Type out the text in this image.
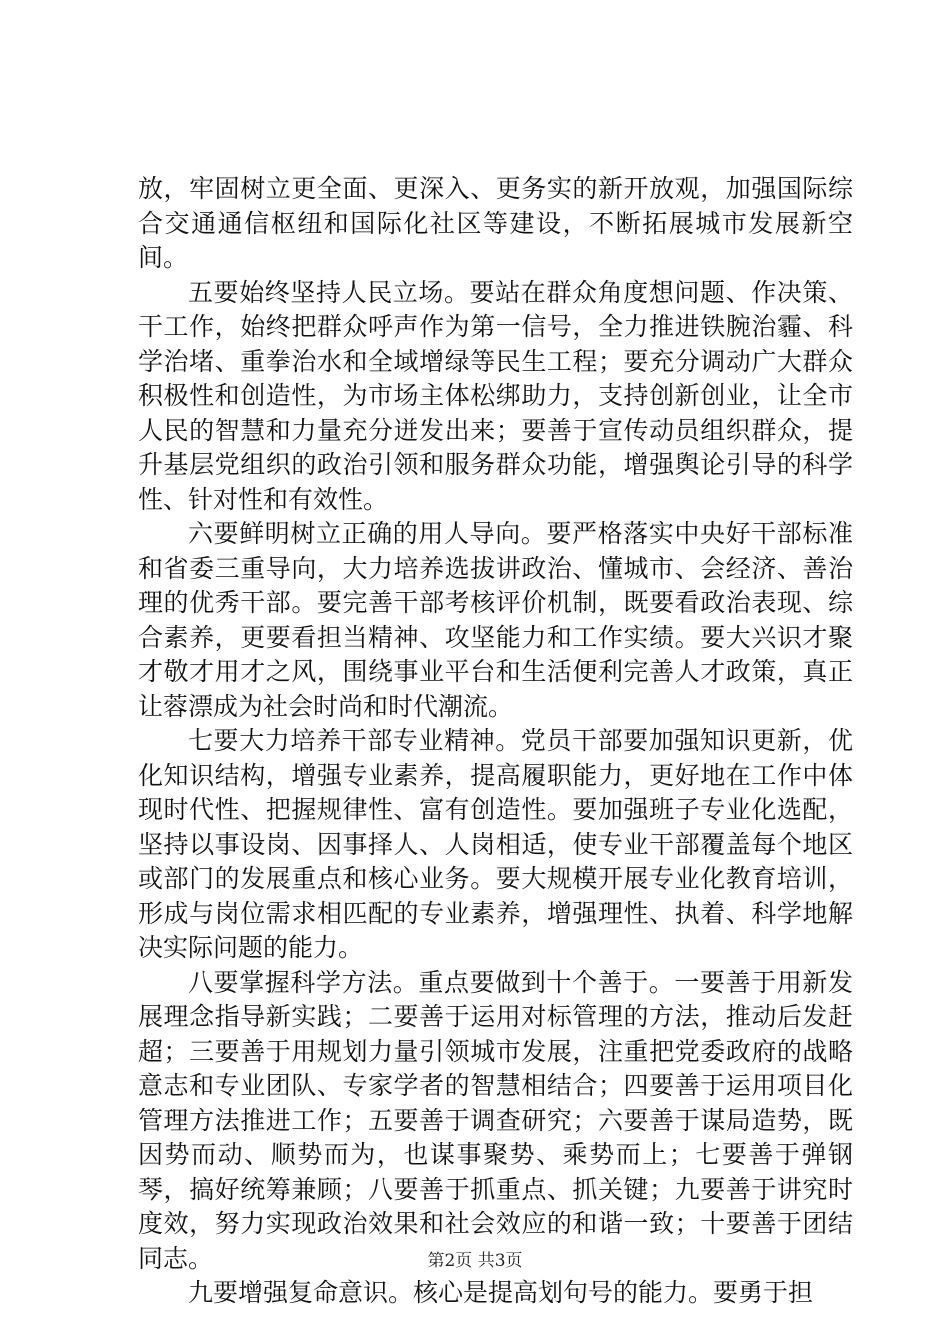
放，牢固树立更全面、更深入、更务实的新开放观，加强国际综合交通通信枢纽和国际化社区等建设，不断拓展城市发展新空间。

五要始终坚持人民立场。要站在群众角度想问题、作决策、干工作，始终把群众呼声作为第一信号，全力推进铁腕治霾、科学治堵、重拳治水和全域增绿等民生工程；要充分调动广大群众积极性和创造性，为市场主体松绑助力，支持创新创业，让全市人民的智慧和力量充分迸发出来；要善于宣传动员组织群众，提升基层党组织的政治引领和服务群众功能，增强舆论引导的科学性、针对性和有效性。

六要鲜明树立正确的用人导向。要严格落实中央好干部标准和省委三重导向，大力培养选拔讲政治、懂城市、会经济、善治理的优秀干部。要完善干部考核评价机制，既要看政治表现、综合素养，更要看担当精神、攻坚能力和工作实绩。要大兴识才聚才敬才用才之风，围绕事业平台和生活便利完善人才政策，真正让蓉漂成为社会时尚和时代潮流。

七要大力培养干部专业精神。党员干部要加强知识更新，优化知识结构，增强专业素养，提高履职能力，更好地在工作中体现时代性、把握规律性、富有创造性。要加强班子专业化选配，坚持以事设岗、因事择人、人岗相适，使专业干部覆盖每个地区或部门的发展重点和核心业务。要大规模开展专业化教育培训，形成与岗位需求相匹配的专业素养，增强理性、执着、科学地解决实际问题的能力。

八要掌握科学方法。重点要做到十个善于。一要善于用新发展理念指导新实践；二要善于运用对标管理的方法，推动后发赶超；三要善于用规划力量引领城市发展，注重把党委政府的战略意志和专业团队、专家学者的智慧相结合；四要善于运用项目化管理方法推进工作；五要善于调查研究；六要善于谋局造势，既因势而动、顺势而为，也谋事聚势、乘势而上；七要善于弹钢琴，搞好统筹兼顾；八要善于抓重点、抓关键；九要善于讲究时度效，努力实现政治效果和社会效应的和谐一致；十要善于团结同志。

九要增强复命意识。核心是提高划句号的能力。要勇于担

第2页 共3页
